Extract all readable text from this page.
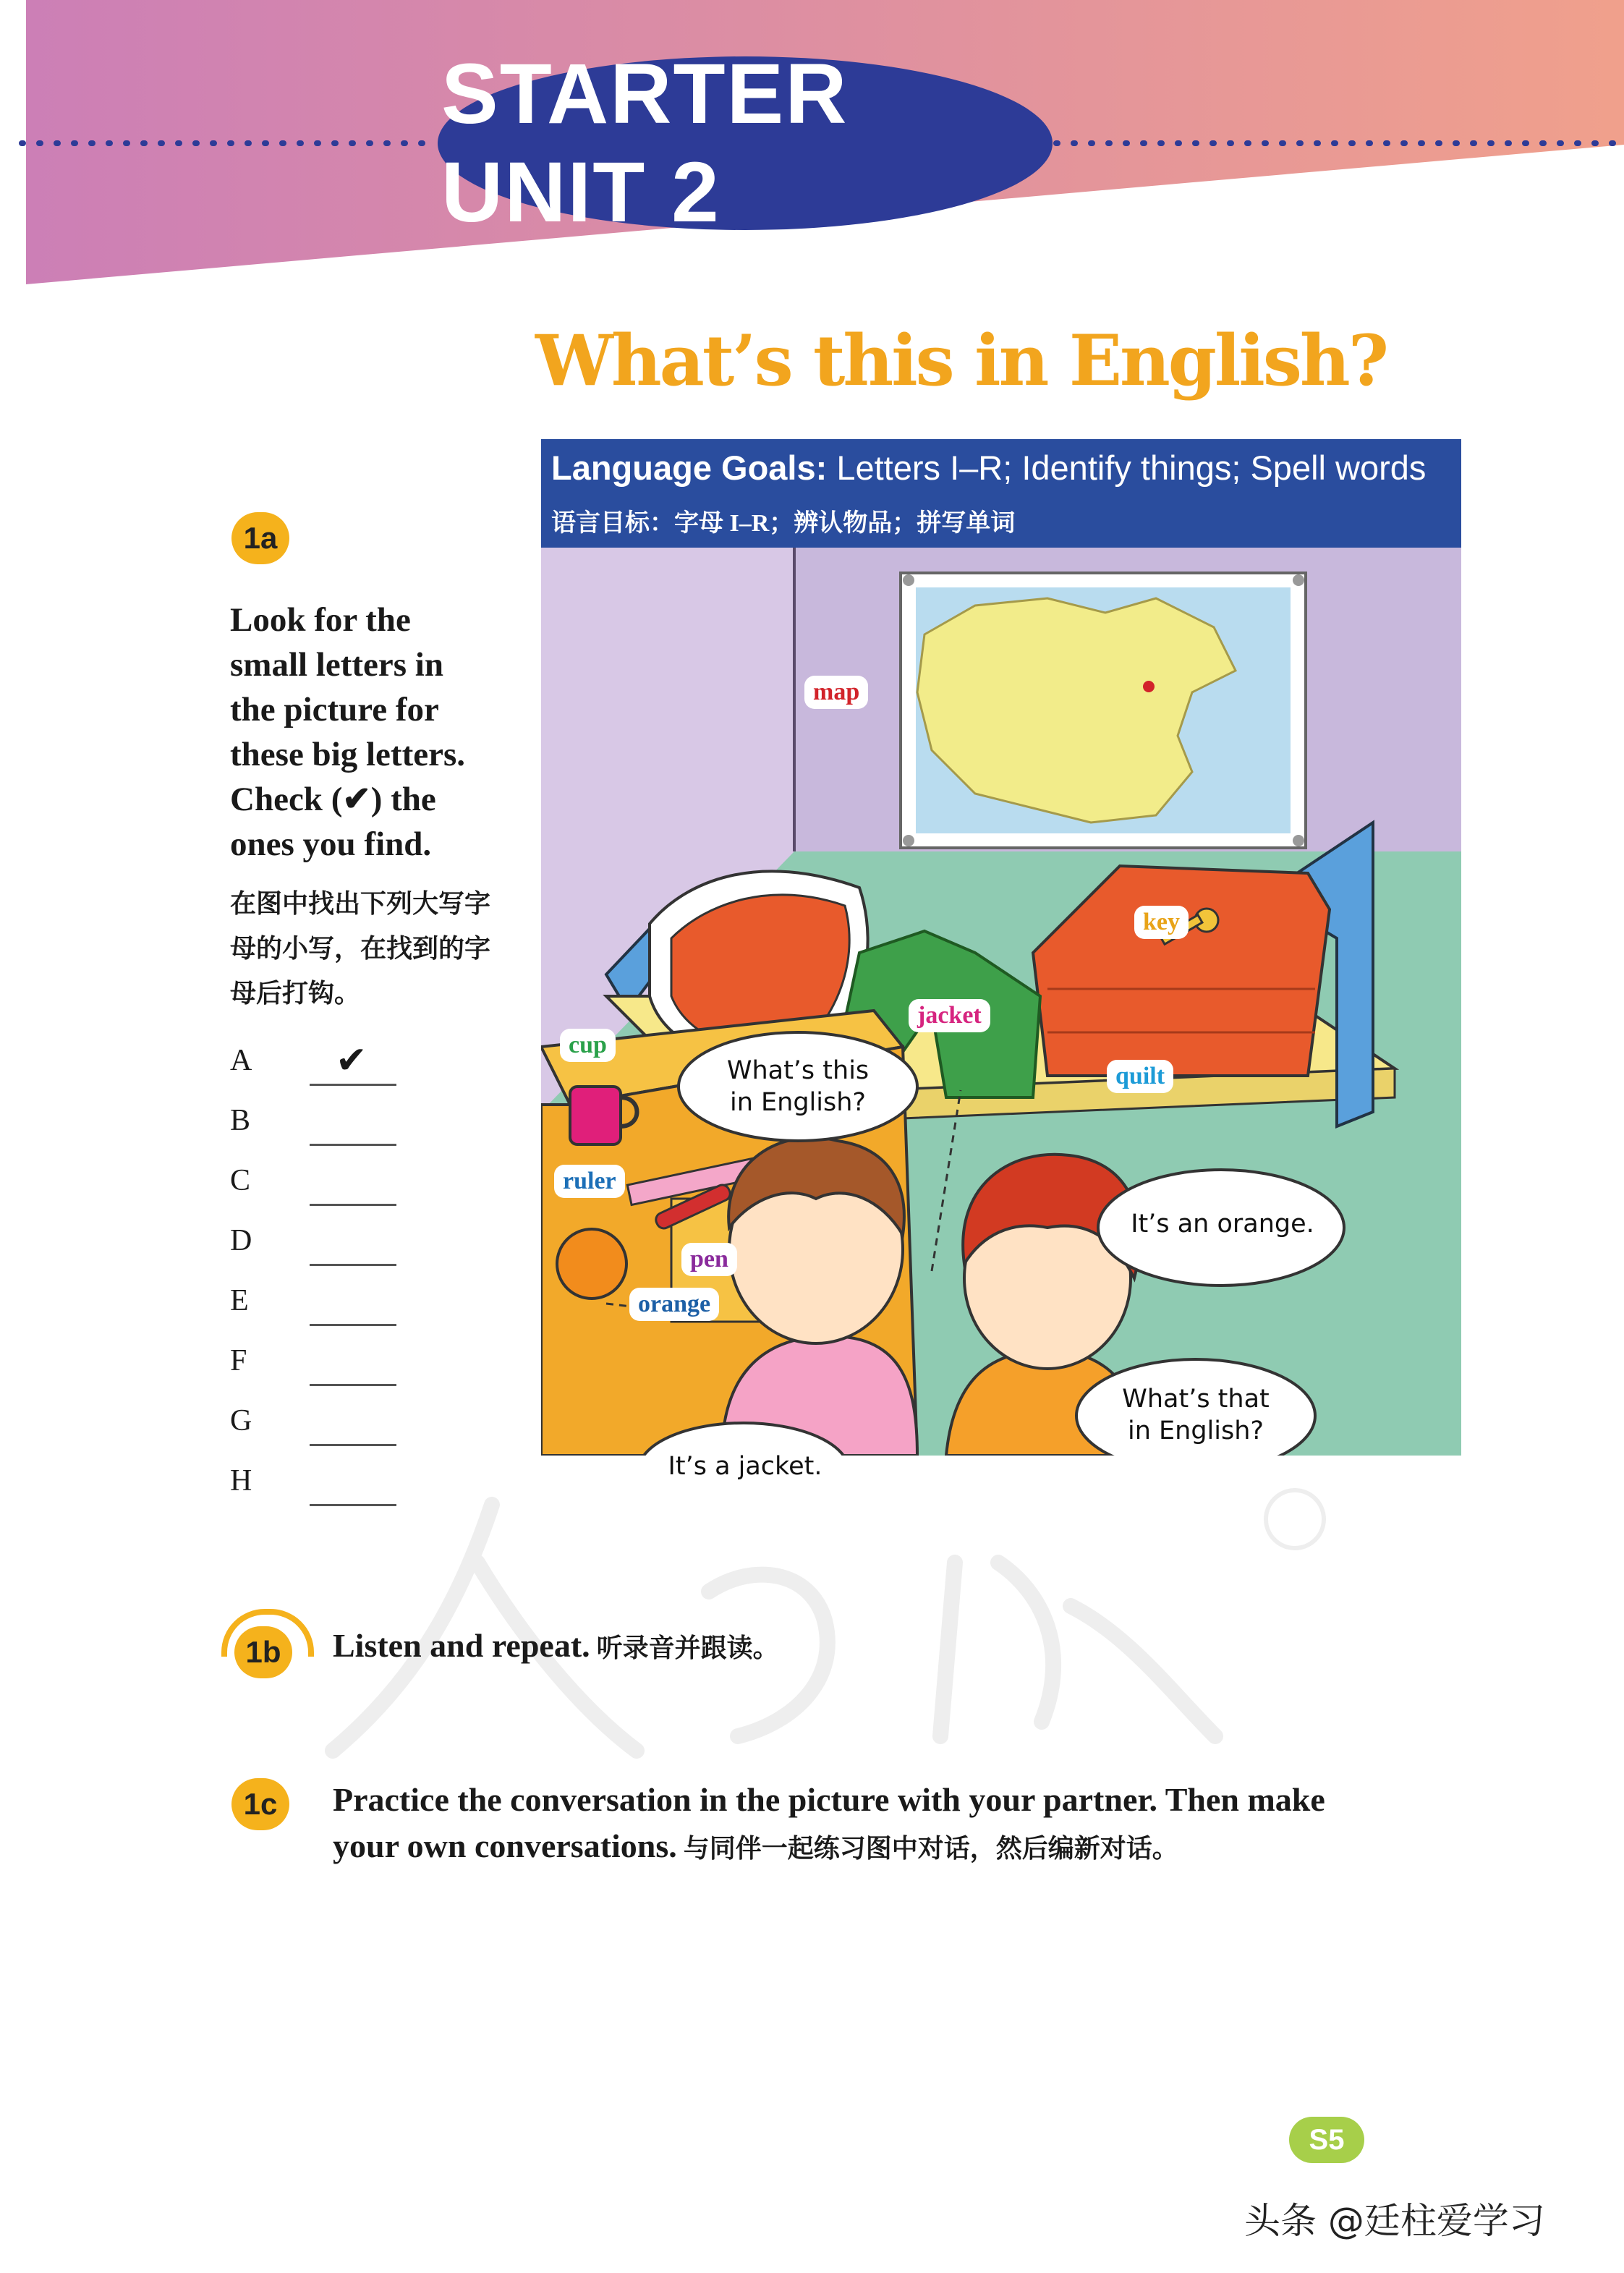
STARTER UNIT 2
What’s this in English?
1a
Look for the
small letters in
the picture for
these big letters.
Check (✔) the
ones you find.
在图中找出下列大写字
母的小写，在找到的字
母后打钩。
A ✔
B
C
D
E
F
G
H
Language Goals: Letters I–R; Identify things; Spell words
语言目标：字母 I–R；辨认物品；拼写单词
map
key
jacket
quilt
cup
ruler
pen
orange
What’s this
in English?
It’s an orange.
What’s that
in English?
It’s a jacket.
1b	Listen and repeat. 听录音并跟读。
1c	Practice the conversation in the picture with your partner. Then make
your own conversations. 与同伴一起练习图中对话，然后编新对话。
S5
头条 @廷柱爱学习
